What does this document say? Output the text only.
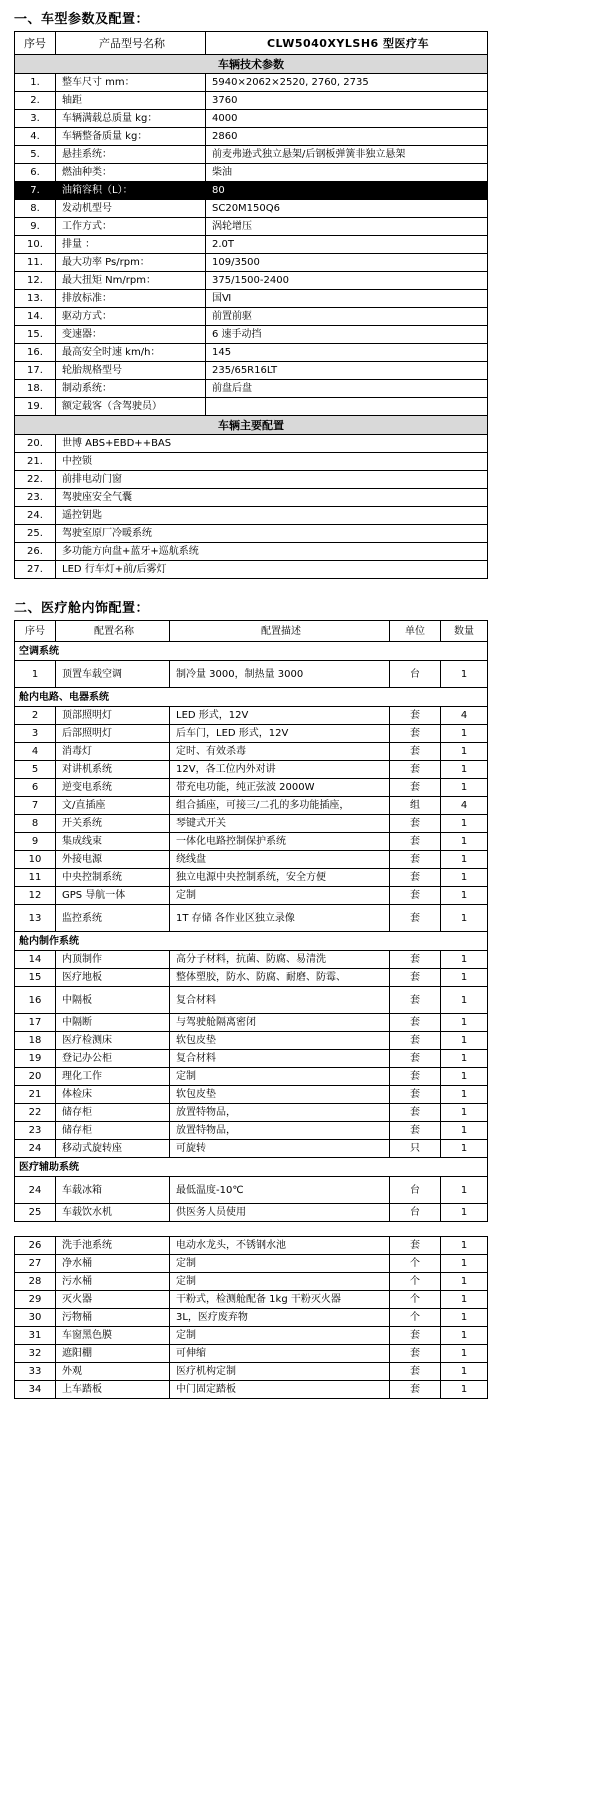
一、车型参数及配置：
序号	产品型号名称	CLW5040XYLSH6 型医疗车
车辆技术参数		
1.	整车尺寸 mm：	5940×2062×2520, 2760, 2735
2.	轴距	3760
3.	车辆满载总质量 kg：	4000
4.	车辆整备质量 kg：	2860
5.	悬挂系统：	前麦弗逊式独立悬架/后钢板弹簧非独立悬架
6.	燃油种类：	柴油
7.	油箱容积（L）：	80
8.	发动机型号	SC20M150Q6
9.	工作方式：	涡轮增压
10.	排量 ：	2.0T
11.	最大功率 Ps/rpm：	109/3500
12.	最大扭矩 Nm/rpm：	375/1500-2400
13.	排放标准：	国Ⅵ
14.	驱动方式：	前置前驱
15.	变速器：	6 速手动挡
16.	最高安全时速 km/h：	145
17.	轮胎规格型号	235/65R16LT
18.	制动系统：	前盘后盘
19.	额定载客（含驾驶员）	
车辆主要配置		
20.	世博 ABS+EBD++BAS	
21.	中控锁	
22.	前排电动门窗	
23.	驾驶座安全气囊	
24.	遥控钥匙	
25.	驾驶室原厂冷暖系统	
26.	多功能方向盘+蓝牙+巡航系统	
27.	LED 行车灯+前/后雾灯	
二、医疗舱内饰配置：
序号	配置名称	配置描述	单位	数量
空调系统				
1	顶置车载空调	制冷量 3000，制热量 3000	台	1
舱内电路、电器系统				
2	顶部照明灯	LED 形式，12V	套	4
3	后部照明灯	后车门，LED 形式，12V	套	1
4	消毒灯	定时、有效杀毒	套	1
5	对讲机系统	12V，各工位内外对讲	套	1
6	逆变电系统	带充电功能，纯正弦波 2000W	套	1
7	文/直插座	组合插座，可接三/二孔的多功能插座，	组	4
8	开关系统	琴键式开关	套	1
9	集成线束	一体化电路控制保护系统	套	1
10	外接电源	绕线盘	套	1
11	中央控制系统	独立电源中央控制系统，安全方便	套	1
12	GPS 导航一体	定制	套	1
13	监控系统	1T 存储 各作业区独立录像	套	1
舱内制作系统				
14	内顶制作	高分子材料，抗菌、防腐、易清洗	套	1
15	医疗地板	整体塑胶，防水、防腐、耐磨、防霉、	套	1
16	中隔板	复合材料	套	1
17	中隔断	与驾驶舱隔离密闭	套	1
18	医疗检测床	软包皮垫	套	1
19	登记办公柜	复合材料	套	1
20	理化工作	定制	套	1
21	体检床	软包皮垫	套	1
22	储存柜	放置特物品，	套	1
23	储存柜	放置特物品，	套	1
24	移动式旋转座	可旋转	只	1
医疗辅助系统				
24	车载冰箱	最低温度-10℃	台	1
25	车载饮水机	供医务人员使用	台	1
26	洗手池系统	电动水龙头，不锈钢水池	套	1
27	净水桶	定制	个	1
28	污水桶	定制	个	1
29	灭火器	干粉式，检测舱配备 1kg 干粉灭火器	个	1
30	污物桶	3L，医疗废弃物	个	1
31	车窗黑色膜	定制	套	1
32	遮阳棚	可伸缩	套	1
33	外观	医疗机构定制	套	1
34	上车踏板	中门固定踏板	套	1
